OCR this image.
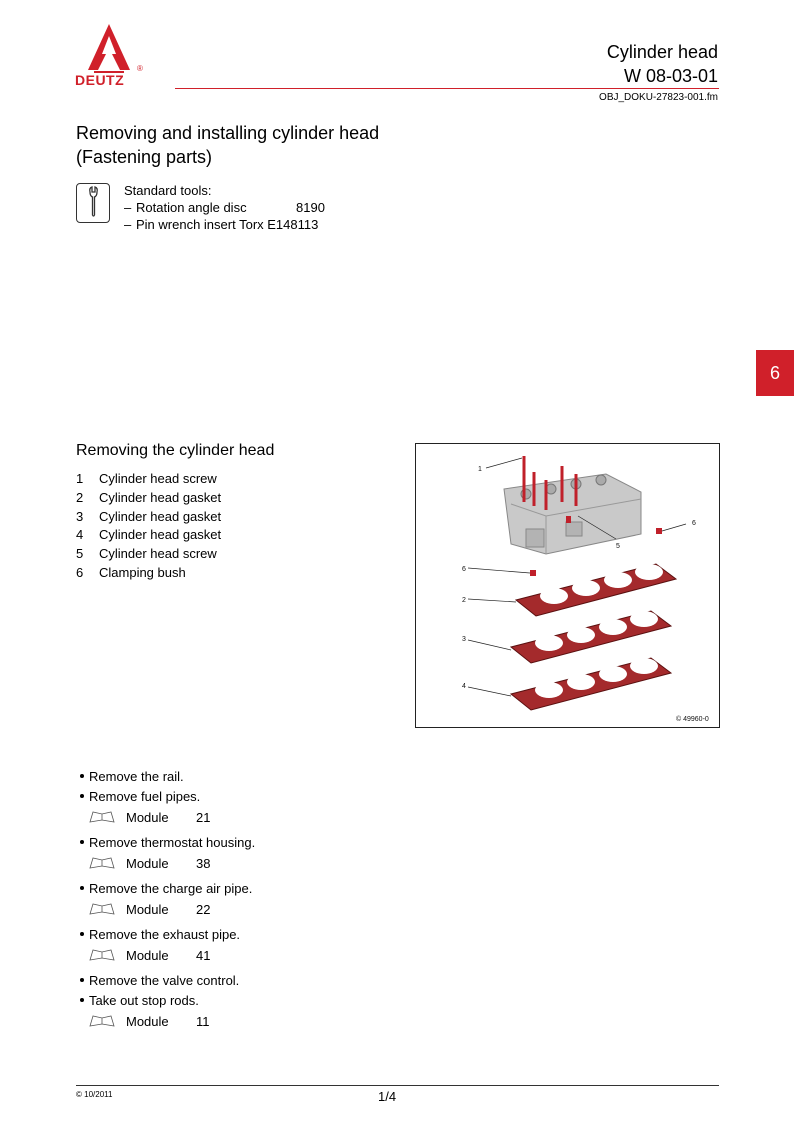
DEUTZ
®
Cylinder head
W 08-03-01
OBJ_DOKU-27823-001.fm
Removing and installing cylinder head
(Fastening parts)
Standard tools:
– Rotation angle disc	8190
– Pin wrench insert Torx E148113
6
Removing the cylinder head
1	Cylinder head screw
2	Cylinder head gasket
3	Cylinder head gasket
4	Cylinder head gasket
5	Cylinder head screw
6	Clamping bush
1
6
5
6
2
3
4
© 49960-0
Remove the rail.
Remove fuel pipes.
Module	21
Remove thermostat housing.
Module	38
Remove the charge air pipe.
Module	22
Remove the exhaust pipe.
Module	41
Remove the valve control.
Take out stop rods.
Module	11
© 10/2011	1/4
